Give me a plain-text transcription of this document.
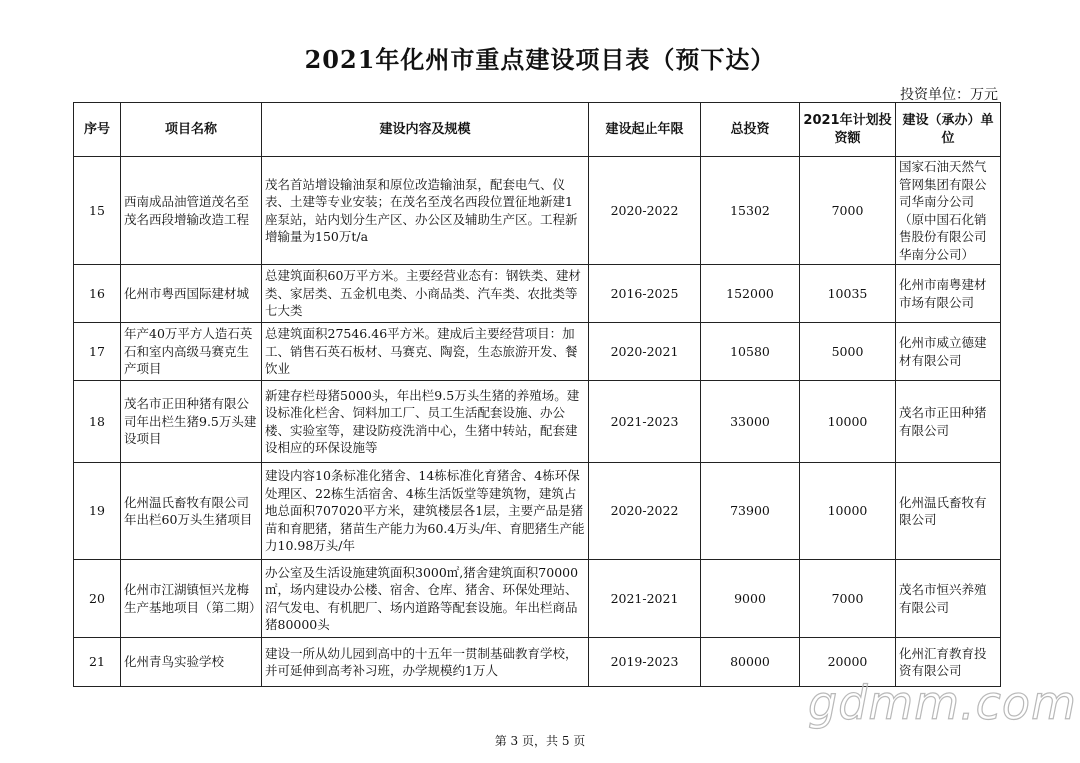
2021年化州市重点建设项目表（预下达）
投资单位：万元
序号	项目名称	建设内容及规模	建设起止年限	总投资	2021年计划投资额	建设（承办）单位
15	西南成品油管道茂名至茂名西段增输改造工程	茂名首站增设输油泵和原位改造输油泵，配套电气、仪表、土建等专业安装；在茂名至茂名西段位置征地新建1座泵站，站内划分生产区、办公区及辅助生产区。工程新增输量为150万t/a	2020-2022	15302	7000	国家石油天然气管网集团有限公司华南分公司（原中国石化销售股份有限公司华南分公司）
16	化州市粤西国际建材城	总建筑面积60万平方米。主要经营业态有：钢铁类、建材类、家居类、五金机电类、小商品类、汽车类、农批类等七大类	2016-2025	152000	10035	化州市南粤建材市场有限公司
17	年产40万平方人造石英石和室内高级马赛克生产项目	总建筑面积27546.46平方米。建成后主要经营项目：加工、销售石英石板材、马赛克、陶瓷，生态旅游开发、餐饮业	2020-2021	10580	5000	化州市威立德建材有限公司
18	茂名市正田种猪有限公司年出栏生猪9.5万头建设项目	新建存栏母猪5000头，年出栏9.5万头生猪的养殖场。建设标准化栏舍、饲料加工厂、员工生活配套设施、办公楼、实验室等，建设防疫洗消中心，生猪中转站，配套建设相应的环保设施等	2021-2023	33000	10000	茂名市正田种猪有限公司
19	化州温氏畜牧有限公司年出栏60万头生猪项目	建设内容10条标准化猪舍、14栋标准化育猪舍、4栋环保处理区、22栋生活宿舍、4栋生活饭堂等建筑物，建筑占地总面积707020平方米，建筑楼层各1层，主要产品是猪苗和育肥猪，猪苗生产能力为60.4万头/年、育肥猪生产能力10.98万头/年	2020-2022	73900	10000	化州温氏畜牧有限公司
20	化州市江湖镇恒兴龙梅生产基地项目（第二期）	办公室及生活设施建筑面积3000㎡,猪舍建筑面积70000㎡，场内建设办公楼、宿舍、仓库、猪舍、环保处理站、沼气发电、有机肥厂、场内道路等配套设施。年出栏商品猪80000头	2021-2021	9000	7000	茂名市恒兴养殖有限公司
21	化州青鸟实验学校	建设一所从幼儿园到高中的十五年一贯制基础教育学校，并可延伸到高考补习班，办学规模约1万人	2019-2023	80000	20000	化州汇育教育投资有限公司
gdmm.com
第 3 页，共 5 页
